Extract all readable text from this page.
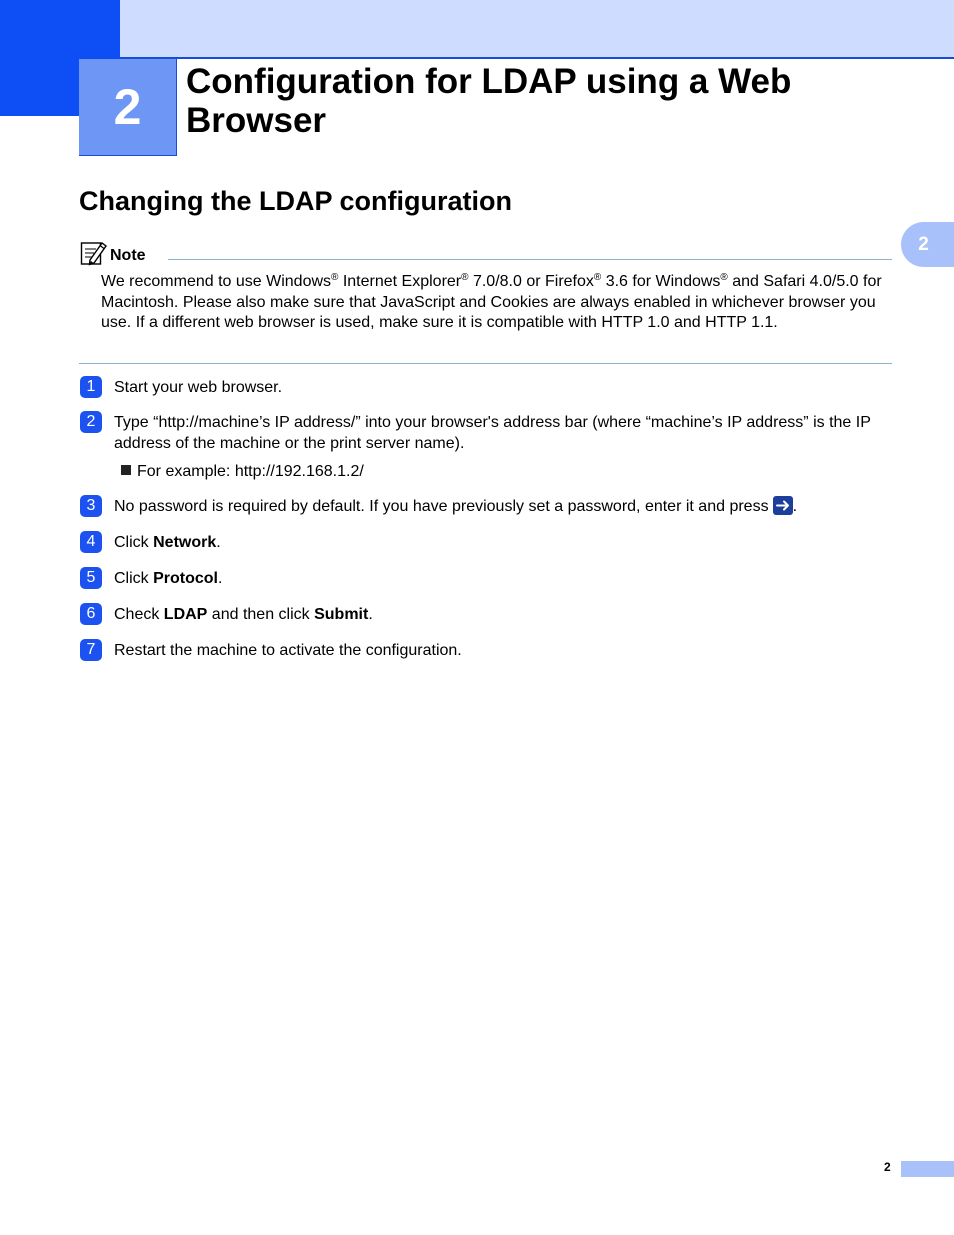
2 Configuration for LDAP using a Web Browser
Changing the LDAP configuration
2
Note

We recommend to use Windows® Internet Explorer® 7.0/8.0 or Firefox® 3.6 for Windows® and Safari 4.0/5.0 for Macintosh. Please also make sure that JavaScript and Cookies are always enabled in whichever browser you use. If a different web browser is used, make sure it is compatible with HTTP 1.0 and HTTP 1.1.

1	Start your web browser.

2	Type “http://machine’s IP address/” into your browser's address bar (where “machine’s IP address” is the IP address of the machine or the print server name).

For example: http://192.168.1.2/

3	No password is required by default. If you have previously set a password, enter it and press .

4	Click Network.

5	Click Protocol.

6	Check LDAP and then click Submit.

7	Restart the machine to activate the configuration.

2
